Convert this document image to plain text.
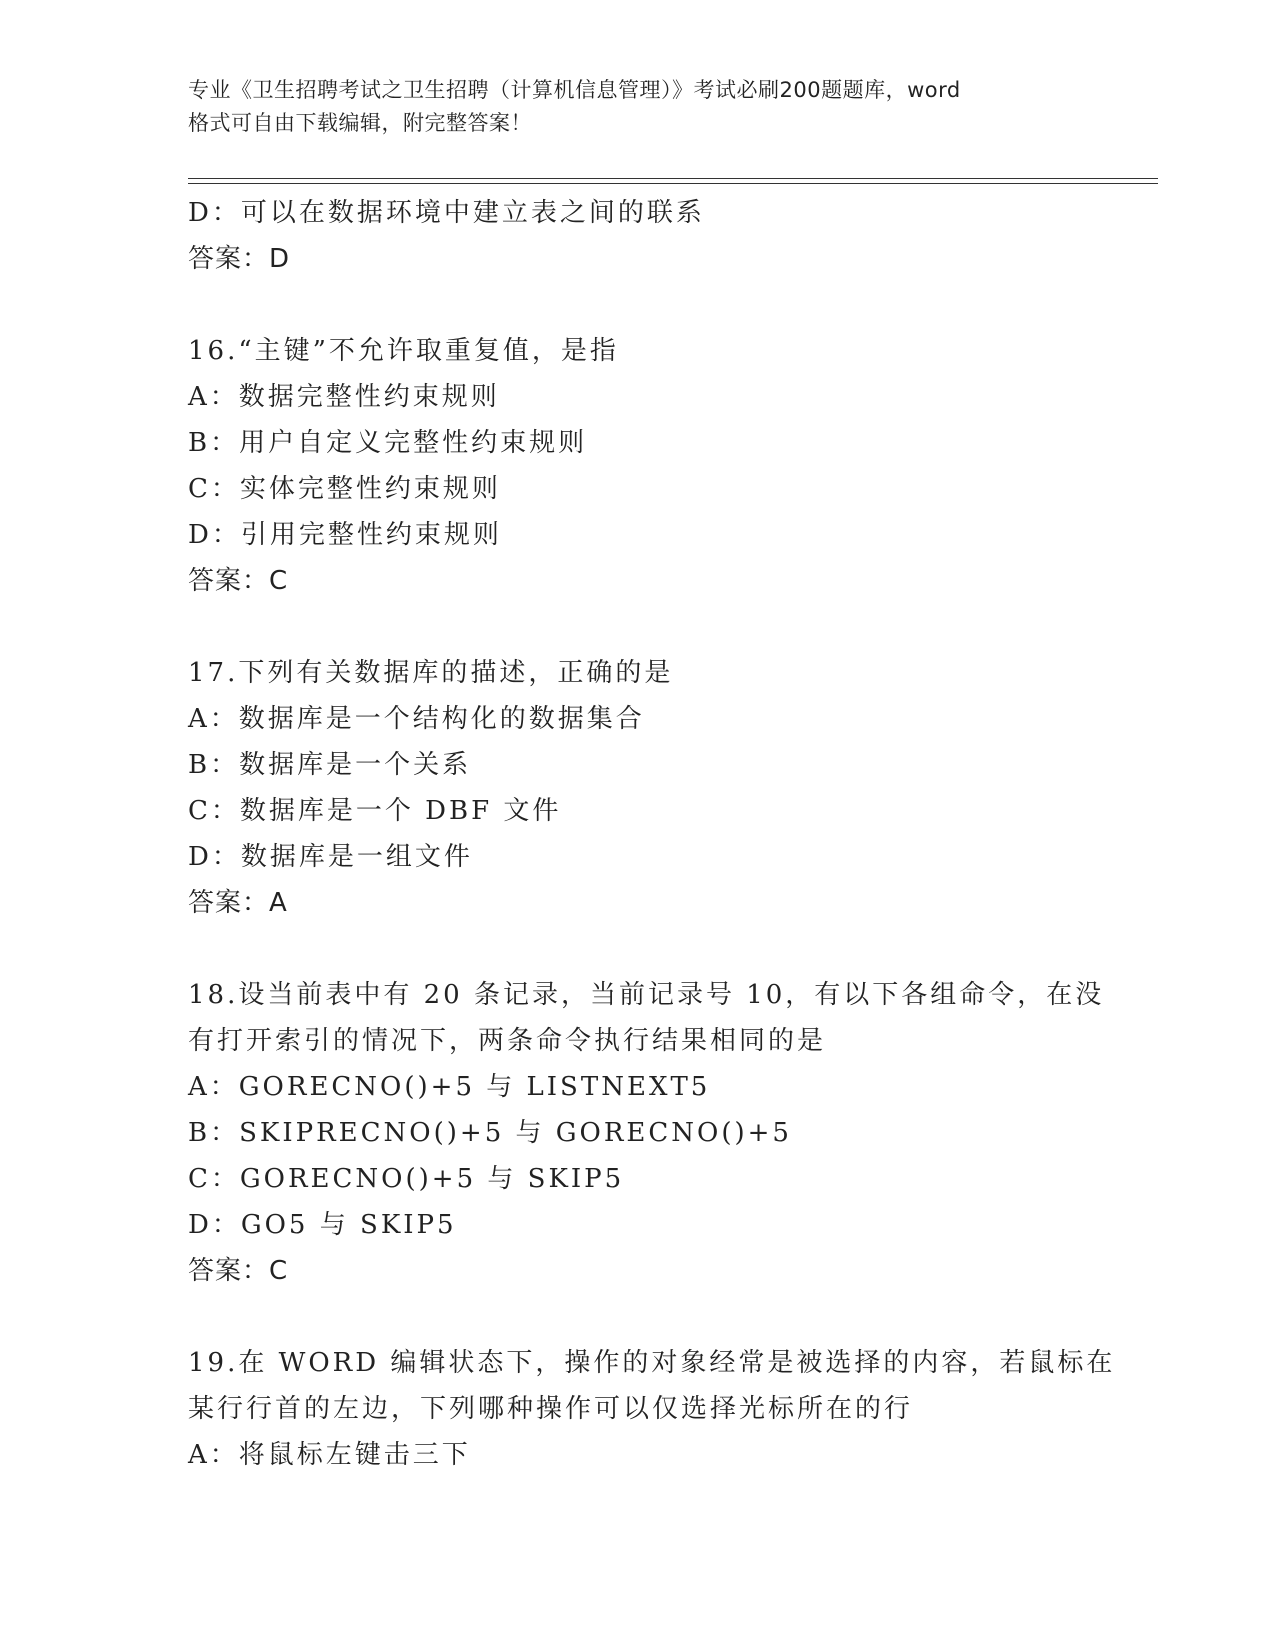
专业《卫生招聘考试之卫生招聘（计算机信息管理）》考试必刷200题题库，word
格式可自由下载编辑，附完整答案！
D：可以在数据环境中建立表之间的联系
答案：D
16.“主键”不允许取重复值，是指
A：数据完整性约束规则
B：用户自定义完整性约束规则
C：实体完整性约束规则
D：引用完整性约束规则
答案：C
17.下列有关数据库的描述，正确的是
A：数据库是一个结构化的数据集合
B：数据库是一个关系
C：数据库是一个 DBF 文件
D：数据库是一组文件
答案：A
18.设当前表中有 20 条记录，当前记录号 10，有以下各组命令，在没
有打开索引的情况下，两条命令执行结果相同的是
A：GORECNO()+5 与 LISTNEXT5
B：SKIPRECNO()+5 与 GORECNO()+5
C：GORECNO()+5 与 SKIP5
D：GO5 与 SKIP5
答案：C
19.在 WORD 编辑状态下，操作的对象经常是被选择的内容，若鼠标在
某行行首的左边，下列哪种操作可以仅选择光标所在的行
A：将鼠标左键击三下
